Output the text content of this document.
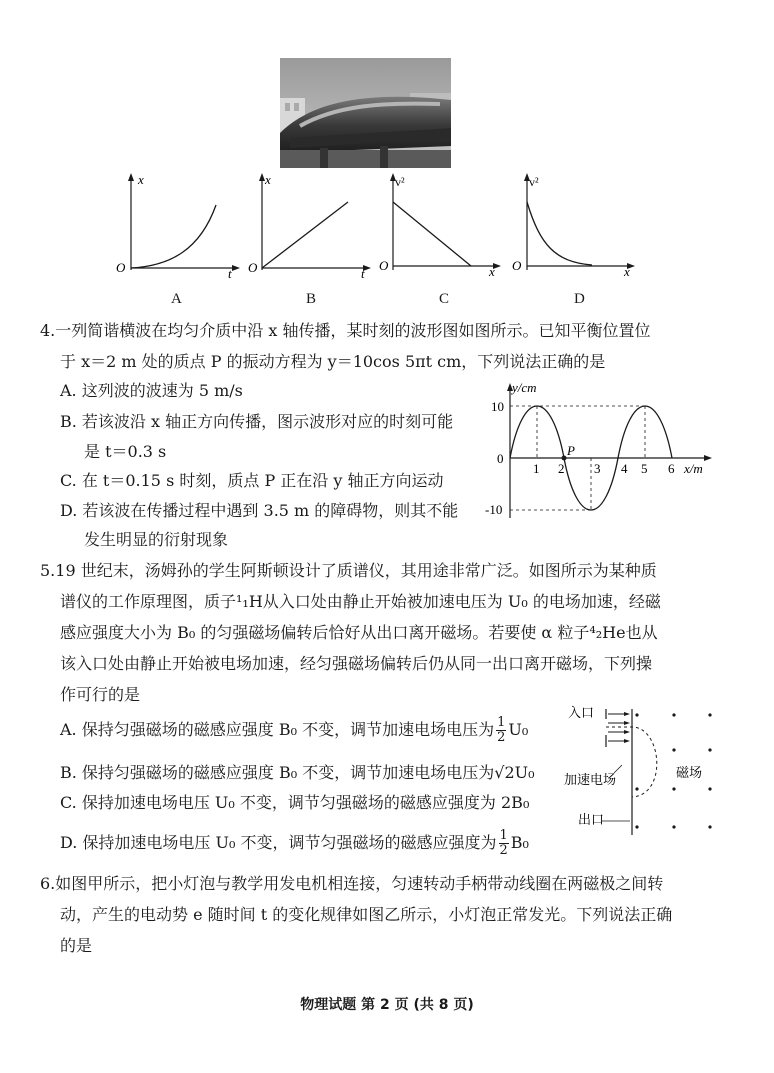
O
x
t O
x
t
O
v²
x O
v²
x
A	B	C	D
4.一列简谐横波在均匀介质中沿 x 轴传播，某时刻的波形图如图所示。已知平衡位置位
于 x＝2 m 处的质点 P 的振动方程为 y＝10cos 5πt cm，下列说法正确的是
A. 这列波的波速为 5 m/s
B. 若该波沿 x 轴正方向传播，图示波形对应的时刻可能
是 t＝0.3 s
C. 在 t＝0.15 s 时刻，质点 P 正在沿 y 轴正方向运动
D. 若该波在传播过程中遇到 3.5 m 的障碍物，则其不能
发生明显的衍射现象
y/cm
x/m
0
10
-10
P
1 2 3 4 5 6
5.19 世纪末，汤姆孙的学生阿斯顿设计了质谱仪，其用途非常广泛。如图所示为某种质
谱仪的工作原理图，质子¹₁H从入口处由静止开始被加速电压为 U₀ 的电场加速，经磁
感应强度大小为 B₀ 的匀强磁场偏转后恰好从出口离开磁场。若要使 α 粒子⁴₂He也从
该入口处由静止开始被电场加速，经匀强磁场偏转后仍从同一出口离开磁场，下列操
作可行的是
A. 保持匀强磁场的磁感应强度 B₀ 不变，调节加速电场电压为 $\frac{1}{2} U_0$
B. 保持匀强磁场的磁感应强度 B₀ 不变，调节加速电场电压为√2U₀
C. 保持加速电场电压 U₀ 不变，调节匀强磁场的磁感应强度为 2B₀
D. 保持加速电场电压 U₀ 不变，调节匀强磁场的磁感应强度为 $\frac{1}{2} B_0$
入口
加速电场	磁场
出口
6.如图甲所示，把小灯泡与教学用发电机相连接，匀速转动手柄带动线圈在两磁极之间转
动，产生的电动势 e 随时间 t 的变化规律如图乙所示，小灯泡正常发光。下列说法正确
的是
物理试题 第 2 页 (共 8 页)
